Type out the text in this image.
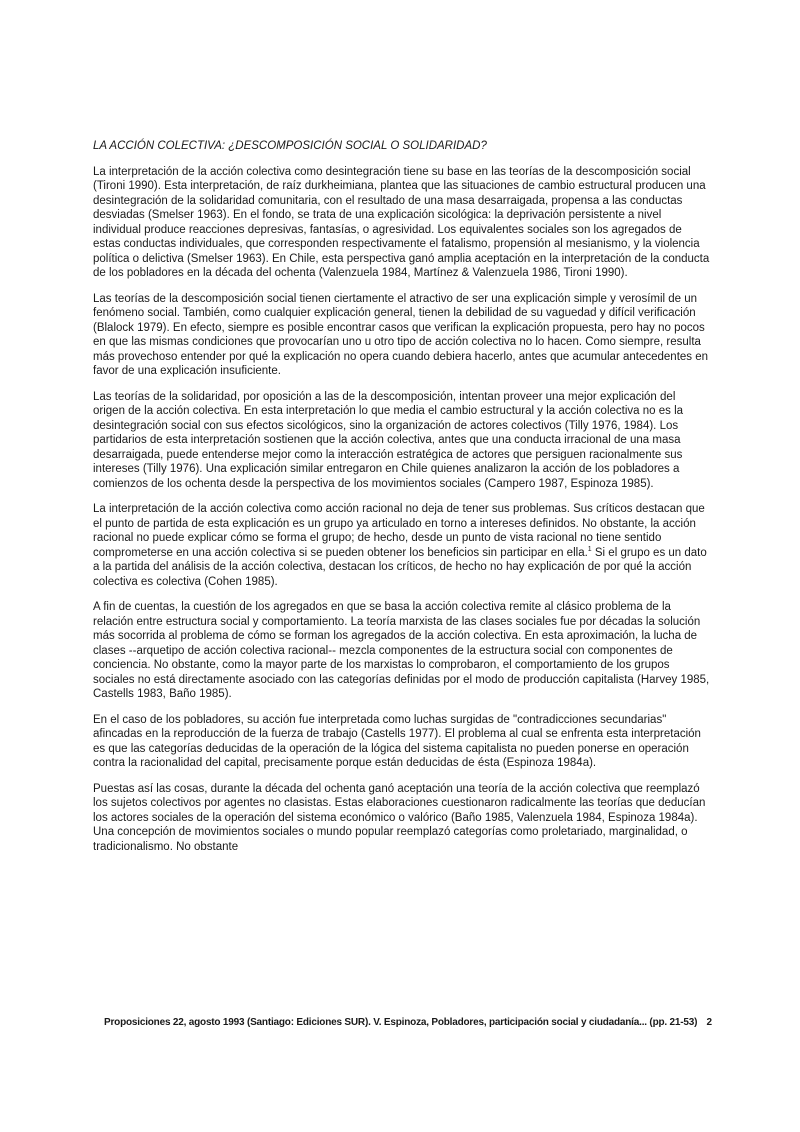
LA ACCIÓN COLECTIVA: ¿DESCOMPOSICIÓN SOCIAL O SOLIDARIDAD?

La interpretación de la acción colectiva como desintegración tiene su base en las teorías de la descomposición social (Tironi 1990). Esta interpretación, de raíz durkheimiana, plantea que las situaciones de cambio estructural producen una desintegración de la solidaridad comunitaria, con el resultado de una masa desarraigada, propensa a las conductas desviadas (Smelser 1963). En el fondo, se trata de una explicación sicológica: la deprivación persistente a nivel individual produce reacciones depresivas, fantasías, o agresividad. Los equivalentes sociales son los agregados de estas conductas individuales, que corresponden respectivamente el fatalismo, propensión al mesianismo, y la violencia política o delictiva (Smelser 1963). En Chile, esta perspectiva ganó amplia aceptación en la interpretación de la conducta de los pobladores en la década del ochenta (Valenzuela 1984, Martínez & Valenzuela 1986, Tironi 1990).

Las teorías de la descomposición social tienen ciertamente el atractivo de ser una explicación simple y verosímil de un fenómeno social. También, como cualquier explicación general, tienen la debilidad de su vaguedad y difícil verificación (Blalock 1979). En efecto, siempre es posible encontrar casos que verifican la explicación propuesta, pero hay no pocos en que las mismas condiciones que provocarían uno u otro tipo de acción colectiva no lo hacen. Como siempre, resulta más provechoso entender por qué la explicación no opera cuando debiera hacerlo, antes que acumular antecedentes en favor de una explicación insuficiente.

Las teorías de la solidaridad, por oposición a las de la descomposición, intentan proveer una mejor explicación del origen de la acción colectiva. En esta interpretación lo que media el cambio estructural y la acción colectiva no es la desintegración social con sus efectos sicológicos, sino la organización de actores colectivos (Tilly 1976, 1984). Los partidarios de esta interpretación sostienen que la acción colectiva, antes que una conducta irracional de una masa desarraigada, puede entenderse mejor como la interacción estratégica de actores que persiguen racionalmente sus intereses (Tilly 1976). Una explicación similar entregaron en Chile quienes analizaron la acción de los pobladores a comienzos de los ochenta desde la perspectiva de los movimientos sociales (Campero 1987, Espinoza 1985).

La interpretación de la acción colectiva como acción racional no deja de tener sus problemas. Sus críticos destacan que el punto de partida de esta explicación es un grupo ya articulado en torno a intereses definidos. No obstante, la acción racional no puede explicar cómo se forma el grupo; de hecho, desde un punto de vista racional no tiene sentido comprometerse en una acción colectiva si se pueden obtener los beneficios sin participar en ella.$^1$ Si el grupo es un dato a la partida del análisis de la acción colectiva, destacan los críticos, de hecho no hay explicación de por qué la acción colectiva es colectiva (Cohen 1985).

A fin de cuentas, la cuestión de los agregados en que se basa la acción colectiva remite al clásico problema de la relación entre estructura social y comportamiento. La teoría marxista de las clases sociales fue por décadas la solución más socorrida al problema de cómo se forman los agregados de la acción colectiva. En esta aproximación, la lucha de clases --arquetipo de acción colectiva racional-- mezcla componentes de la estructura social con componentes de conciencia. No obstante, como la mayor parte de los marxistas lo comprobaron, el comportamiento de los grupos sociales no está directamente asociado con las categorías definidas por el modo de producción capitalista (Harvey 1985, Castells 1983, Baño 1985).

En el caso de los pobladores, su acción fue interpretada como luchas surgidas de "contradicciones secundarias" afincadas en la reproducción de la fuerza de trabajo (Castells 1977). El problema al cual se enfrenta esta interpretación es que las categorías deducidas de la operación de la lógica del sistema capitalista no pueden ponerse en operación contra la racionalidad del capital, precisamente porque están deducidas de ésta (Espinoza 1984a).

Puestas así las cosas, durante la década del ochenta ganó aceptación una teoría de la acción colectiva que reemplazó los sujetos colectivos por agentes no clasistas. Estas elaboraciones cuestionaron radicalmente las teorías que deducían los actores sociales de la operación del sistema económico o valórico (Baño 1985, Valenzuela 1984, Espinoza 1984a). Una concepción de movimientos sociales o mundo popular reemplazó categorías como proletariado, marginalidad, o tradicionalismo. No obstante

Proposiciones 22, agosto 1993 (Santiago: Ediciones SUR). V. Espinoza, Pobladores, participación social y ciudadanía... (pp. 21-53) 2
